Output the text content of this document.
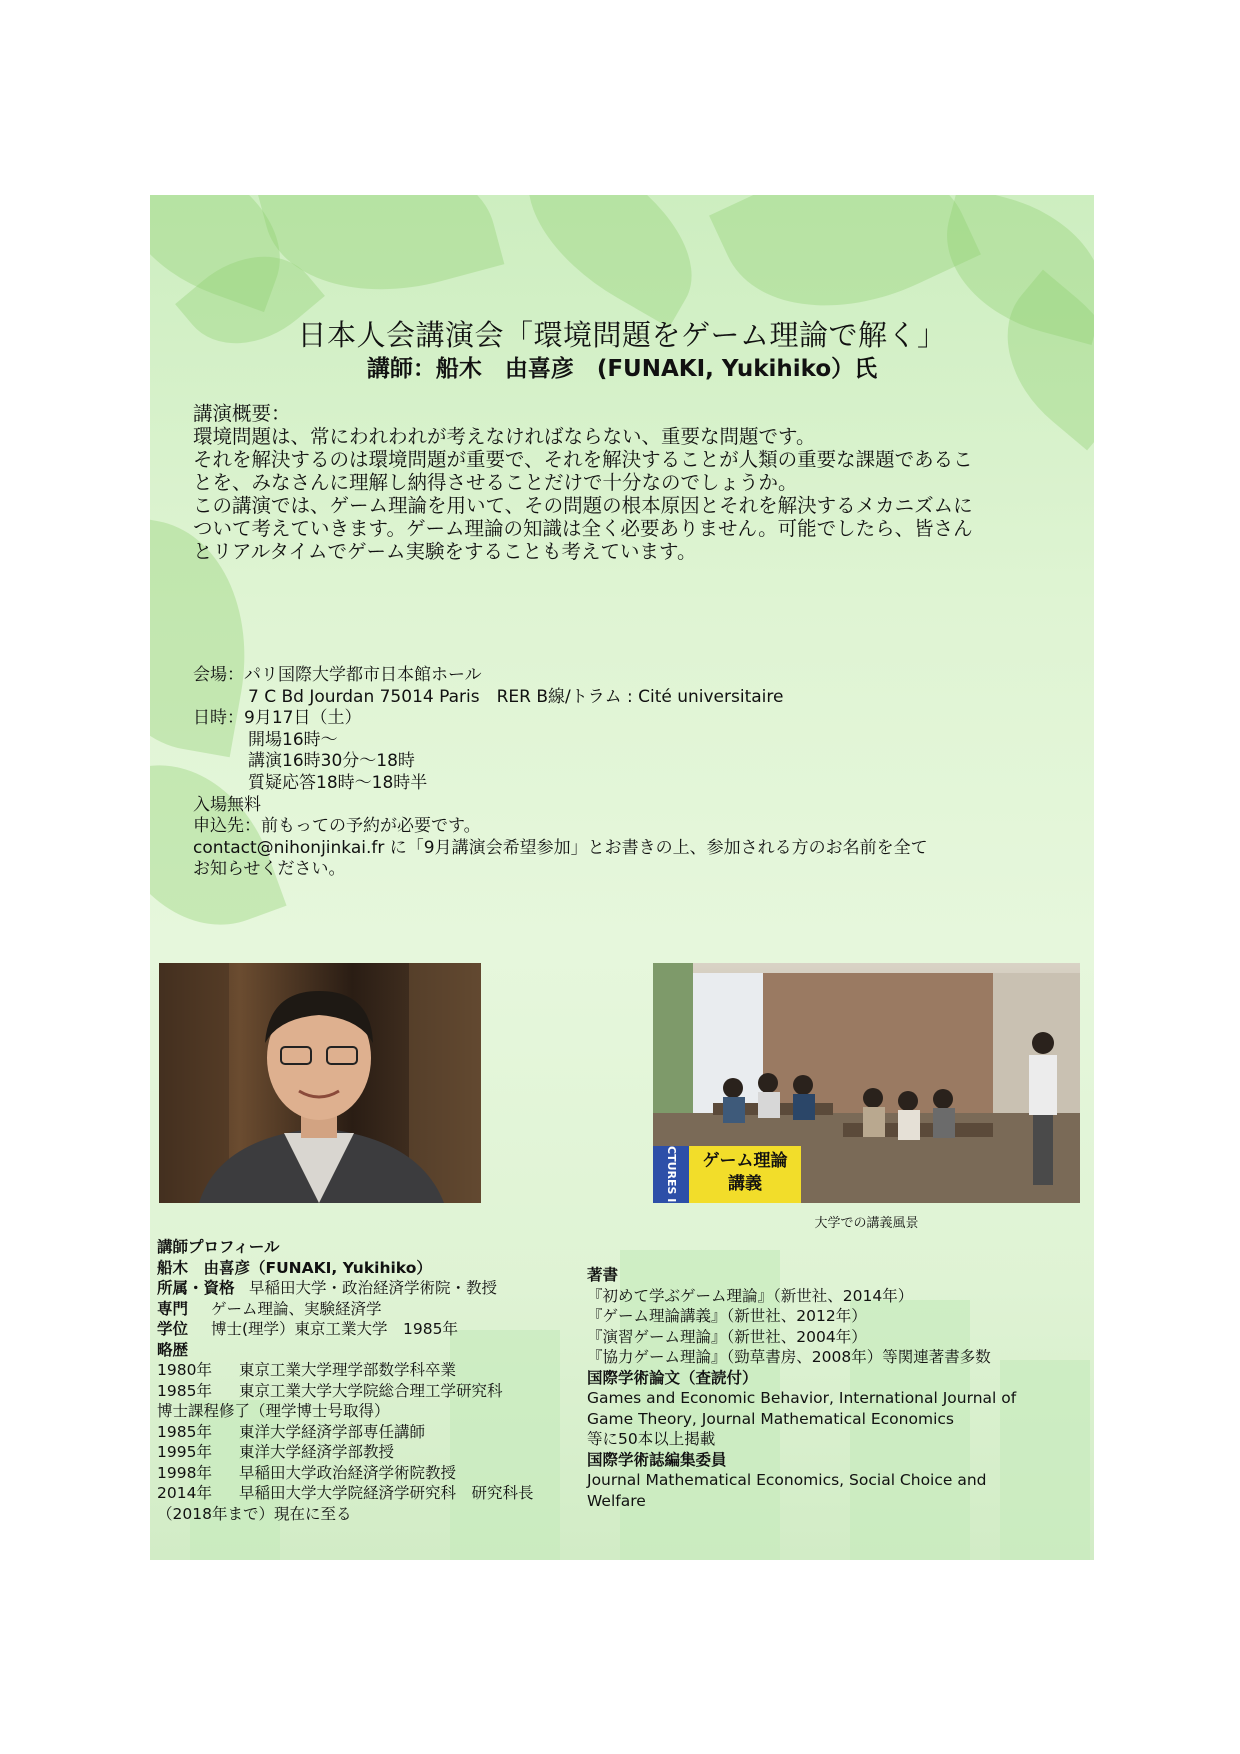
日本人会講演会「環境問題をゲーム理論で解く」
講師：船木　由喜彦　(FUNAKI, Yukihiko）氏
講演概要：
環境問題は、常にわれわれが考えなければならない、重要な問題です。
それを解決するのは環境問題が重要で、それを解決することが人類の重要な課題であるこ
とを、みなさんに理解し納得させることだけで十分なのでしょうか。
この講演では、ゲーム理論を用いて、その問題の根本原因とそれを解決するメカニズムに
ついて考えていきます。ゲーム理論の知識は全く必要ありません。可能でしたら、皆さん
とリアルタイムでゲーム実験をすることも考えています。
会場：パリ国際大学都市日本館ホール
7 C Bd Jourdan 75014 Paris　RER B線/トラム : Cité universitaire
日時：9月17日（土）
開場16時〜
講演16時30分〜18時
質疑応答18時〜18時半
入場無料
申込先：前もっての予約が必要です。
contact@nihonjinkai.fr に「9月講演会希望参加」とお書きの上、参加される方のお名前を全て
お知らせください。
CTURES I	ゲーム理論
講義
大学での講義風景
講師プロフィール
船木　由喜彦（FUNAKI, Yukihiko）
所属・資格 早稲田大学・政治経済学術院・教授
専門 ゲーム理論、実験経済学
学位 博士(理学）東京工業大学　1985年
略歴
1980年 東京工業大学理学部数学科卒業
1985年 東京工業大学大学院総合理工学研究科
博士課程修了（理学博士号取得）
1985年 東洋大学経済学部専任講師
1995年 東洋大学経済学部教授
1998年 早稲田大学政治経済学術院教授
2014年 早稲田大学大学院経済学研究科　研究科長
（2018年まで）現在に至る
著書
『初めて学ぶゲーム理論』（新世社、2014年）
『ゲーム理論講義』（新世社、2012年）
『演習ゲーム理論』（新世社、2004年）
『協力ゲーム理論』（勁草書房、2008年）等関連著書多数
国際学術論文（査読付）
Games and Economic Behavior, International Journal of
Game Theory, Journal Mathematical Economics
等に50本以上掲載
国際学術誌編集委員
Journal Mathematical Economics, Social Choice and
Welfare
